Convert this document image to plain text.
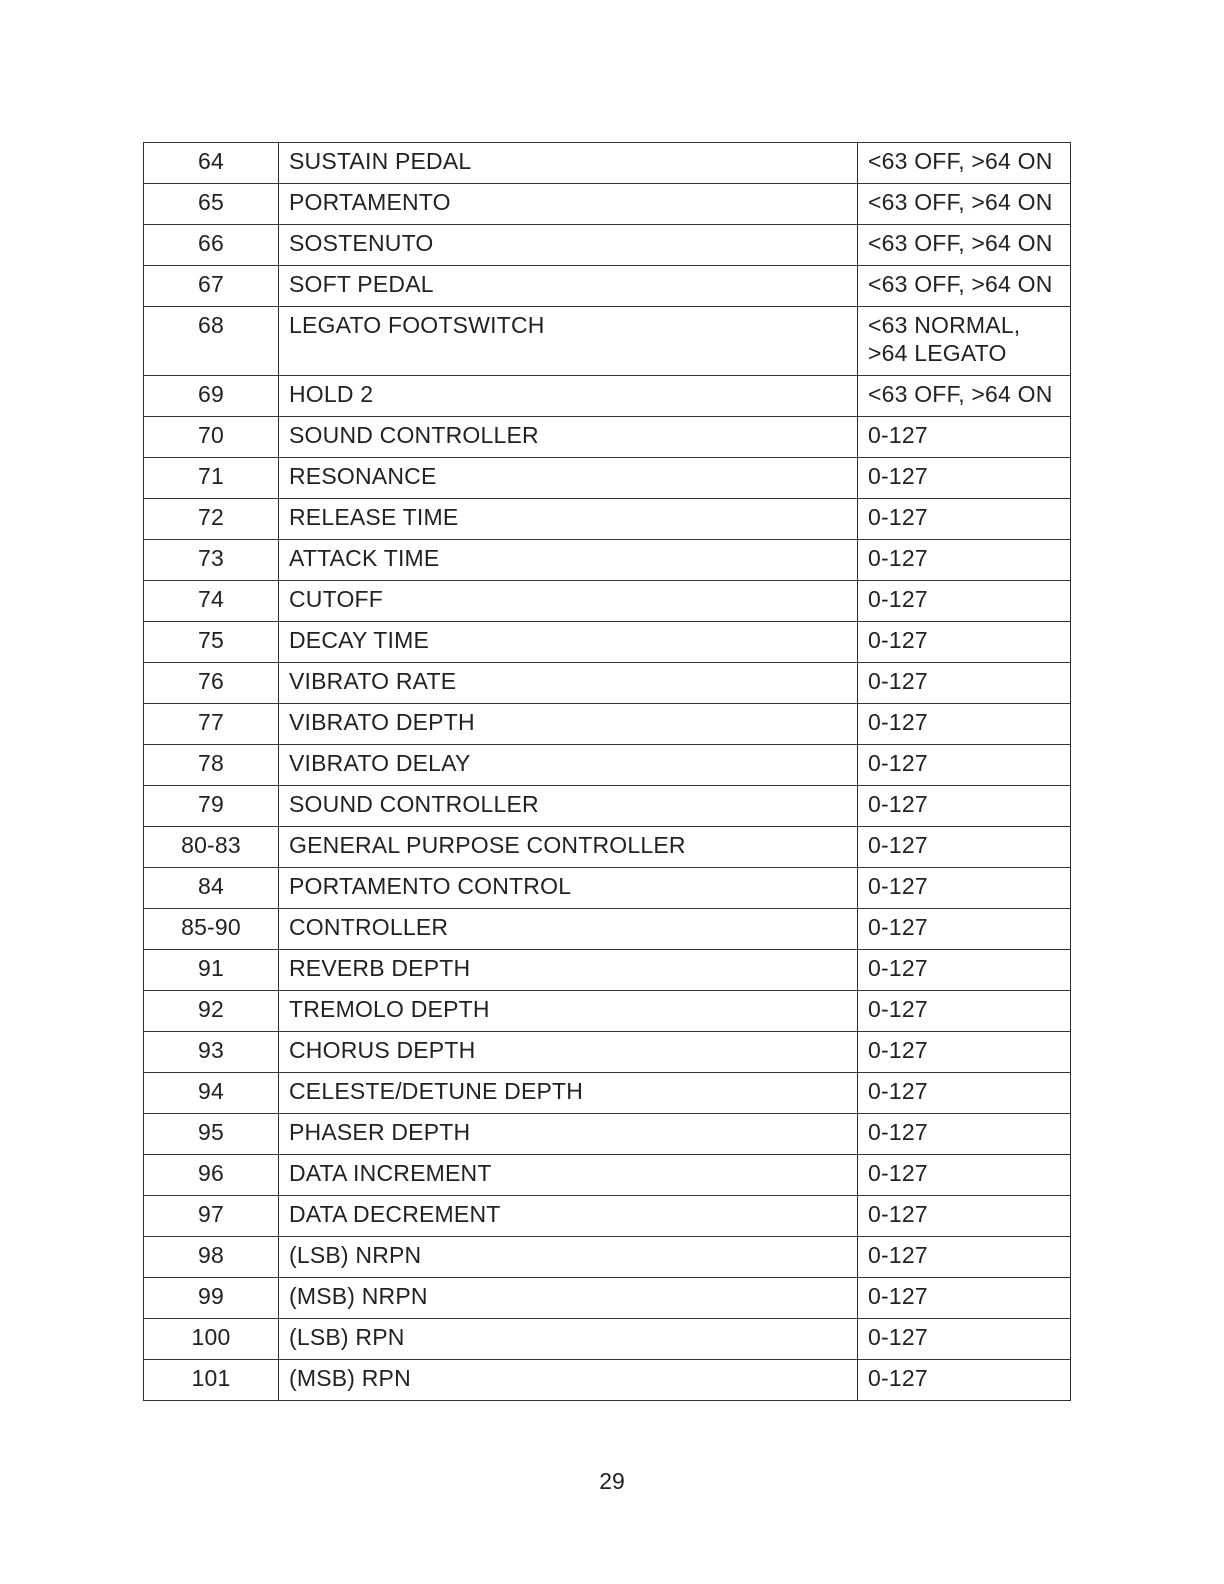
64	SUSTAIN PEDAL	<63 OFF, >64 ON
65	PORTAMENTO	<63 OFF, >64 ON
66	SOSTENUTO	<63 OFF, >64 ON
67	SOFT PEDAL	<63 OFF, >64 ON
68	LEGATO FOOTSWITCH	<63 NORMAL, >64 LEGATO
69	HOLD 2	<63 OFF, >64 ON
70	SOUND CONTROLLER	0-127
71	RESONANCE	0-127
72	RELEASE TIME	0-127
73	ATTACK TIME	0-127
74	CUTOFF	0-127
75	DECAY TIME	0-127
76	VIBRATO RATE	0-127
77	VIBRATO DEPTH	0-127
78	VIBRATO DELAY	0-127
79	SOUND CONTROLLER	0-127
80-83	GENERAL PURPOSE CONTROLLER	0-127
84	PORTAMENTO CONTROL	0-127
85-90	CONTROLLER	0-127
91	REVERB DEPTH	0-127
92	TREMOLO DEPTH	0-127
93	CHORUS DEPTH	0-127
94	CELESTE/DETUNE DEPTH	0-127
95	PHASER DEPTH	0-127
96	DATA INCREMENT	0-127
97	DATA DECREMENT	0-127
98	(LSB) NRPN	0-127
99	(MSB) NRPN	0-127
100	(LSB) RPN	0-127
101	(MSB) RPN	0-127
29
